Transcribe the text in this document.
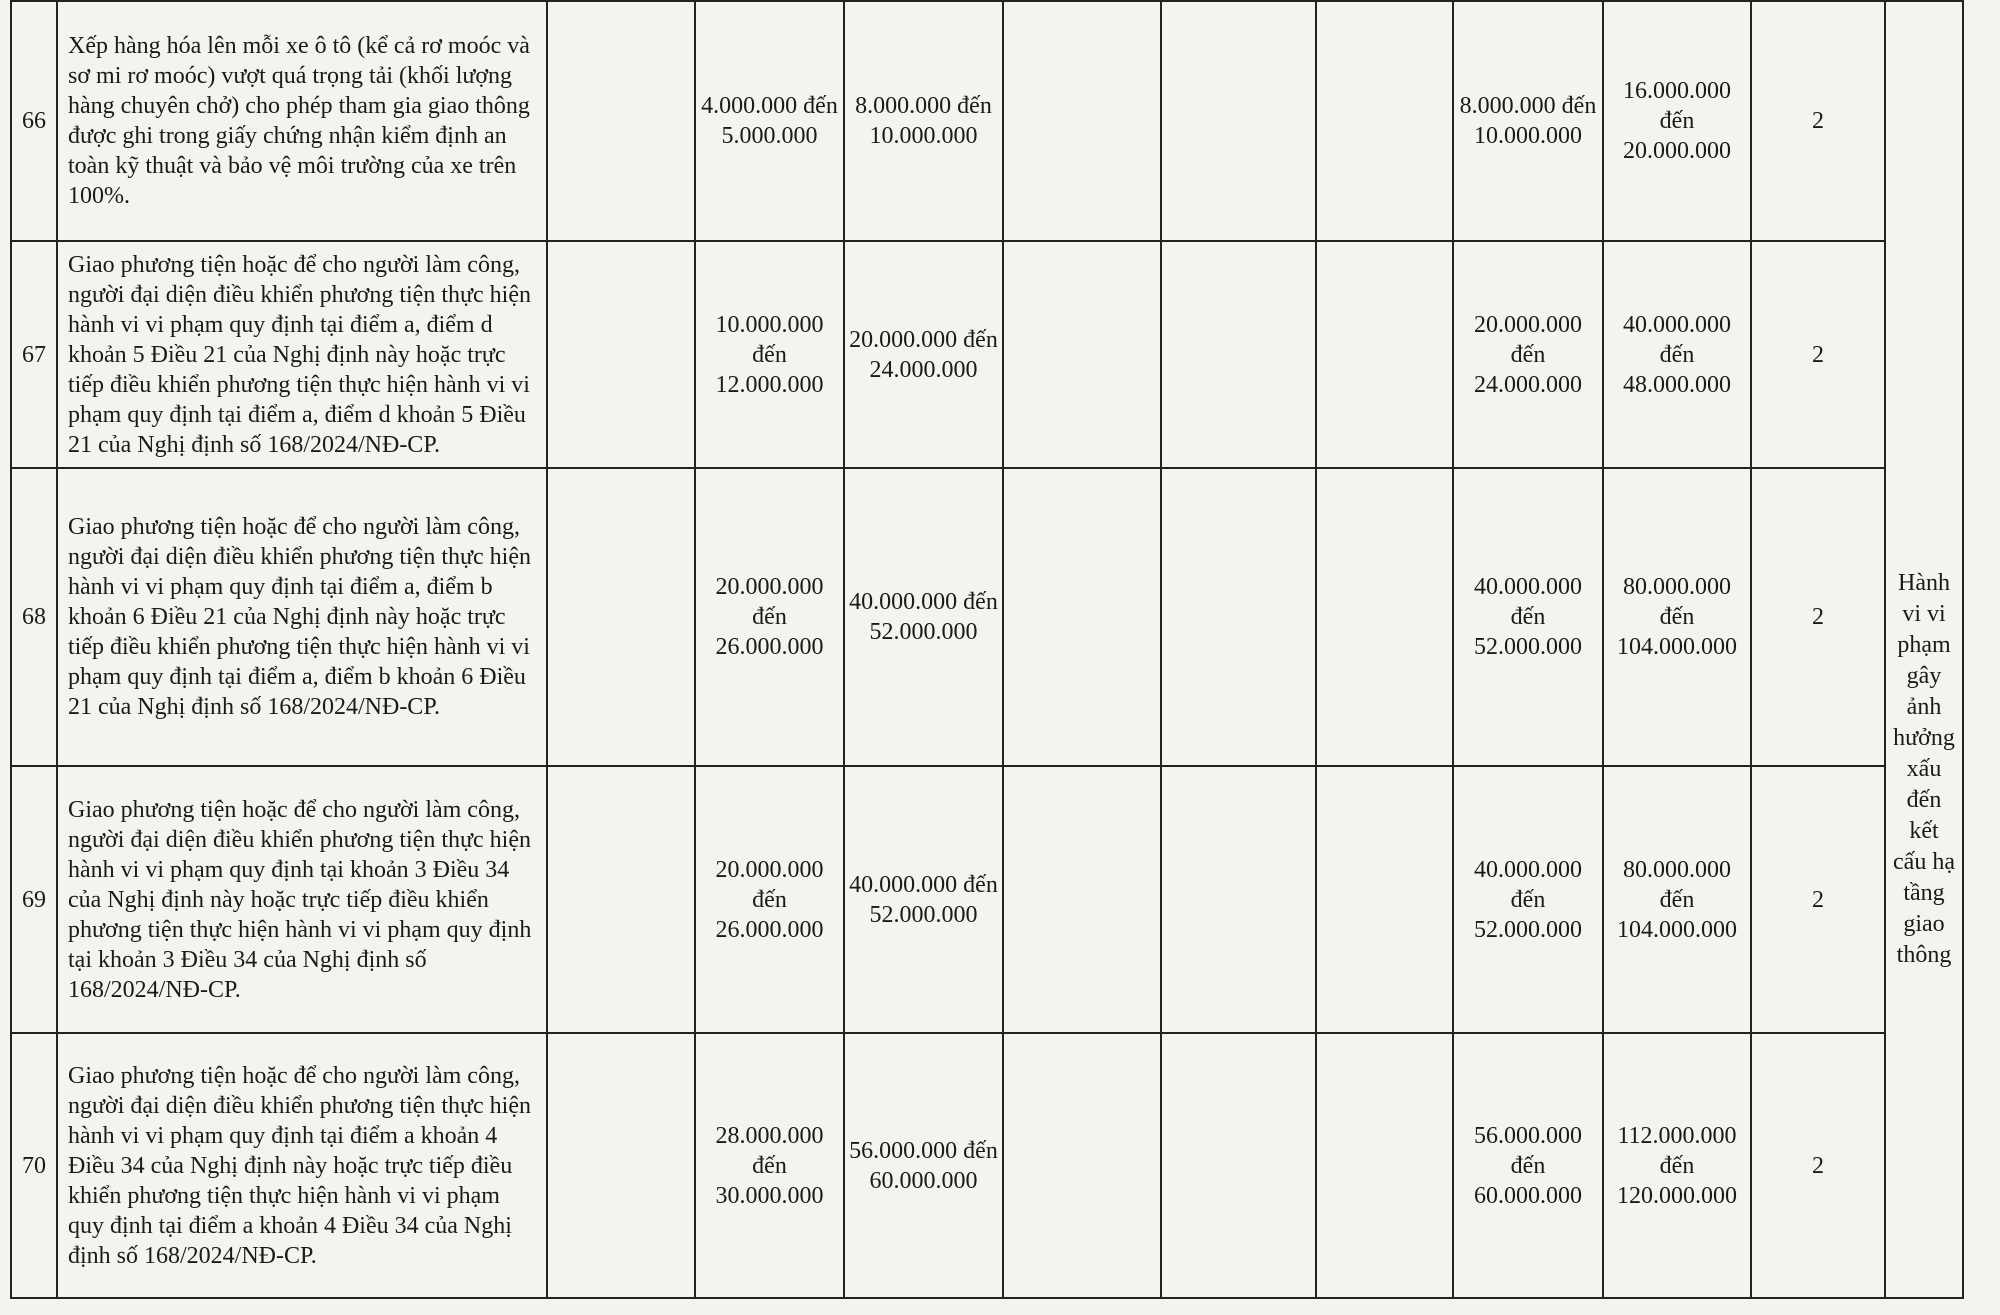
66	Xếp hàng hóa lên mỗi xe ô tô (kể cả rơ moóc và sơ mi rơ moóc) vượt quá trọng tải (khối lượng hàng chuyên chở) cho phép tham gia giao thông được ghi trong giấy chứng nhận kiểm định an toàn kỹ thuật và bảo vệ môi trường của xe trên 100%.		4.000.000 đến 5.000.000	8.000.000 đến 10.000.000				8.000.000 đến 10.000.000	16.000.000 đến 20.000.000	2	
67	Giao phương tiện hoặc để cho người làm công, người đại diện điều khiển phương tiện thực hiện hành vi vi phạm quy định tại điểm a, điểm d khoản 5 Điều 21 của Nghị định này hoặc trực tiếp điều khiển phương tiện thực hiện hành vi vi phạm quy định tại điểm a, điểm d khoản 5 Điều 21 của Nghị định số 168/2024/NĐ-CP.		10.000.000 đến 12.000.000	20.000.000 đến 24.000.000				20.000.000 đến 24.000.000	40.000.000 đến 48.000.000	2	Hành vi vi phạm gây ảnh hưởng xấu đến kết cấu hạ tầng giao thông
68	Giao phương tiện hoặc để cho người làm công, người đại diện điều khiển phương tiện thực hiện hành vi vi phạm quy định tại điểm a, điểm b khoản 6 Điều 21 của Nghị định này hoặc trực tiếp điều khiển phương tiện thực hiện hành vi vi phạm quy định tại điểm a, điểm b khoản 6 Điều 21 của Nghị định số 168/2024/NĐ-CP.		20.000.000 đến 26.000.000	40.000.000 đến 52.000.000				40.000.000 đến 52.000.000	80.000.000 đến 104.000.000	2	
69	Giao phương tiện hoặc để cho người làm công, người đại diện điều khiển phương tiện thực hiện hành vi vi phạm quy định tại khoản 3 Điều 34 của Nghị định này hoặc trực tiếp điều khiển phương tiện thực hiện hành vi vi phạm quy định tại khoản 3 Điều 34 của Nghị định số 168/2024/NĐ-CP.		20.000.000 đến 26.000.000	40.000.000 đến 52.000.000				40.000.000 đến 52.000.000	80.000.000 đến 104.000.000	2	
70	Giao phương tiện hoặc để cho người làm công, người đại diện điều khiển phương tiện thực hiện hành vi vi phạm quy định tại điểm a khoản 4 Điều 34 của Nghị định này hoặc trực tiếp điều khiển phương tiện thực hiện hành vi vi phạm quy định tại điểm a khoản 4 Điều 34 của Nghị định số 168/2024/NĐ-CP.		28.000.000 đến 30.000.000	56.000.000 đến 60.000.000				56.000.000 đến 60.000.000	112.000.000 đến 120.000.000	2	
